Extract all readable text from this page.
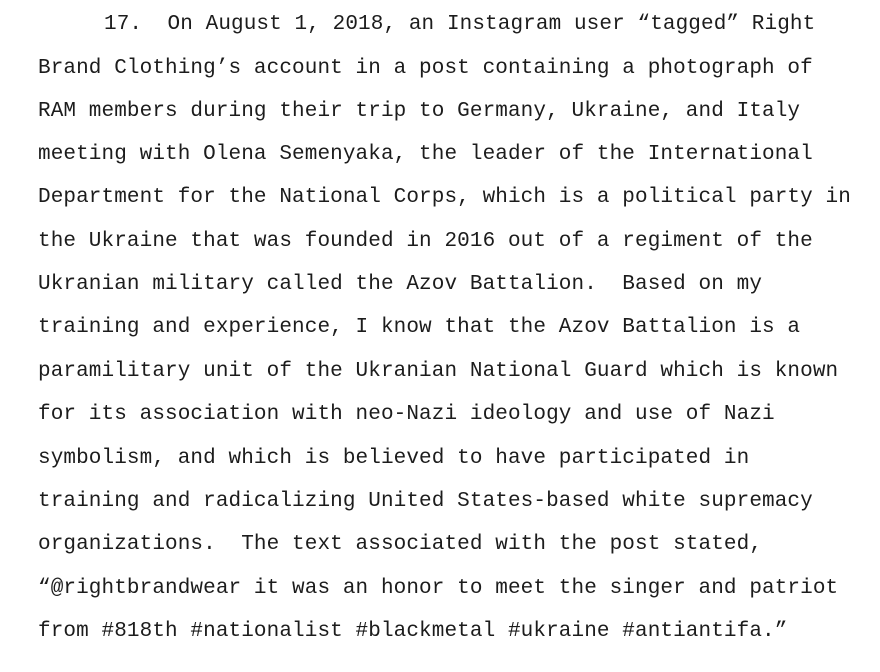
17.  On August 1, 2018, an Instagram user “tagged” Right
Brand Clothing’s account in a post containing a photograph of
RAM members during their trip to Germany, Ukraine, and Italy
meeting with Olena Semenyaka, the leader of the International
Department for the National Corps, which is a political party in
the Ukraine that was founded in 2016 out of a regiment of the
Ukranian military called the Azov Battalion.  Based on my
training and experience, I know that the Azov Battalion is a
paramilitary unit of the Ukranian National Guard which is known
for its association with neo-Nazi ideology and use of Nazi
symbolism, and which is believed to have participated in
training and radicalizing United States-based white supremacy
organizations.  The text associated with the post stated,
“@rightbrandwear it was an honor to meet the singer and patriot
from #818th #nationalist #blackmetal #ukraine #antiantifa.”
